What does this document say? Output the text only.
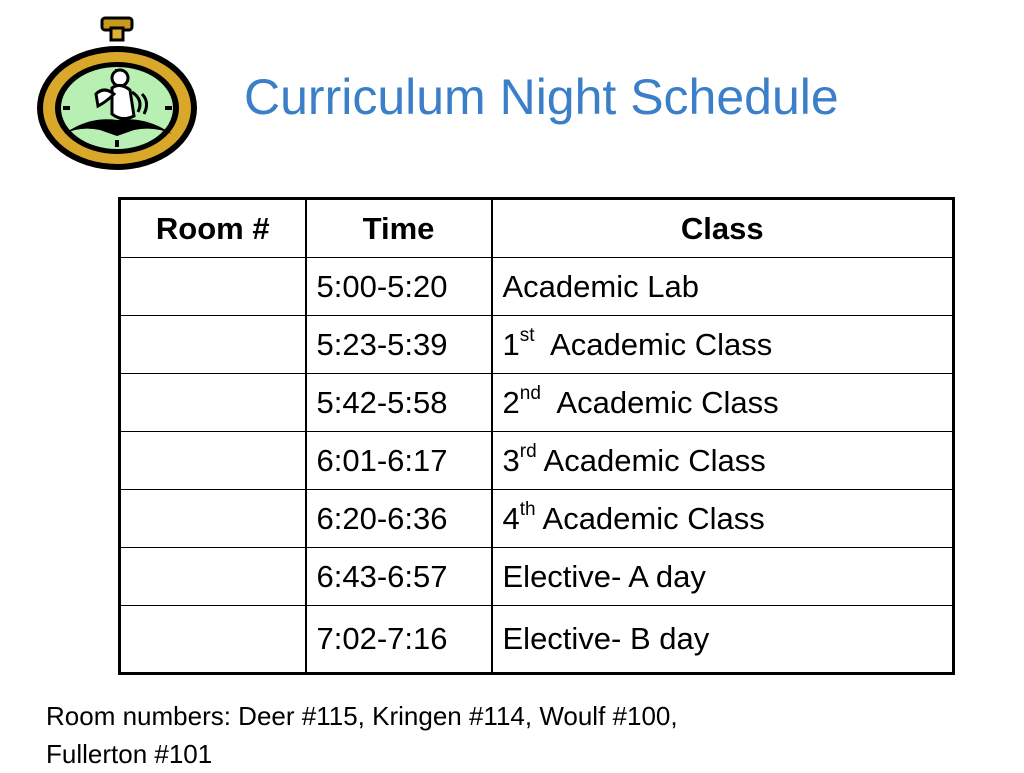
Curriculum Night Schedule
Room #	Time	Class
	5:00-5:20	Academic Lab
	5:23-5:39	1st  Academic Class
	5:42-5:58	2nd  Academic Class
	6:01-6:17	3rd Academic Class
	6:20-6:36	4th Academic Class
	6:43-6:57	Elective- A day
	7:02-7:16	Elective- B day

Room numbers: Deer #115, Kringen #114, Woulf #100,
Fullerton #101
